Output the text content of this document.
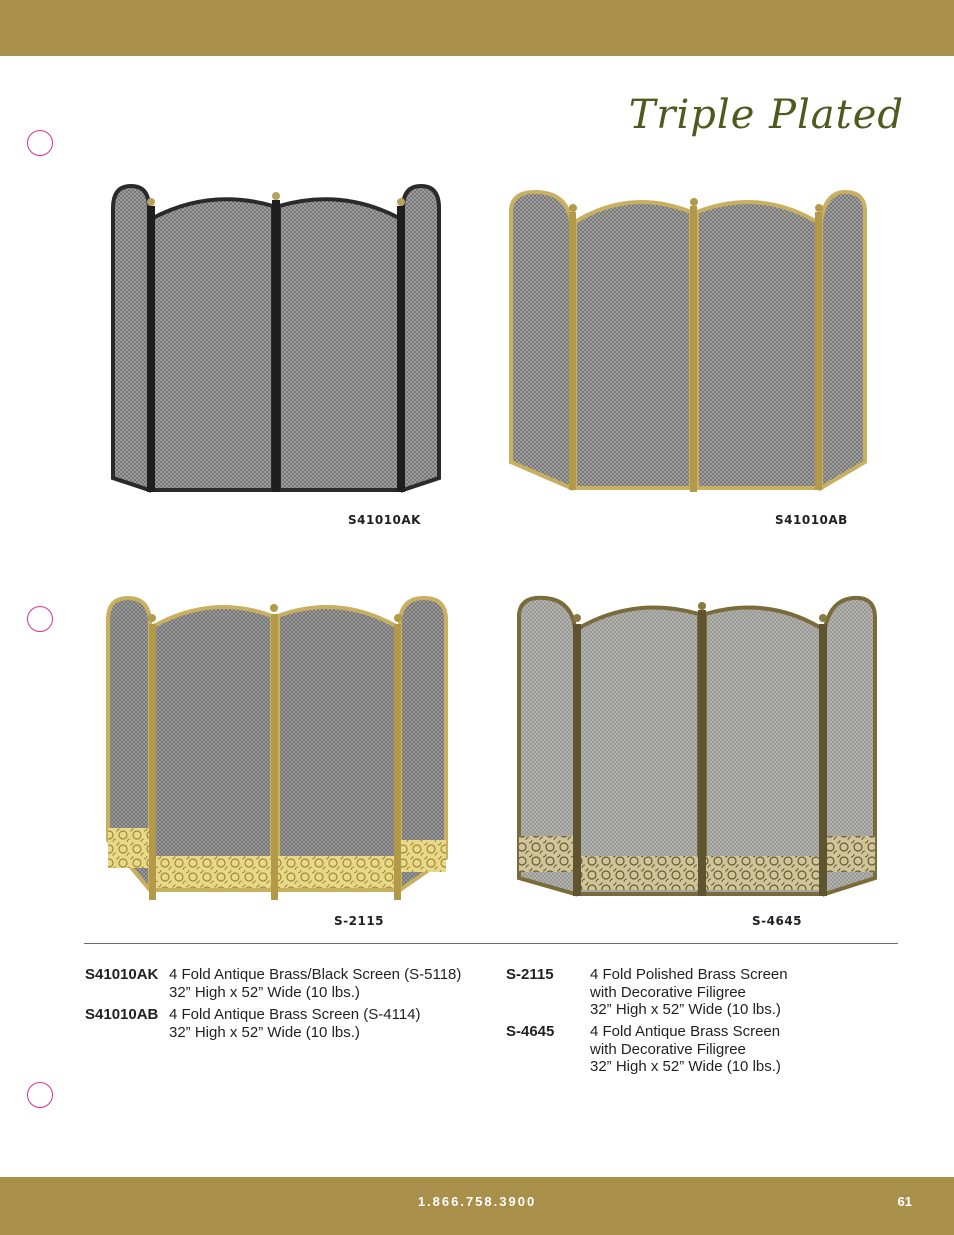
Triple Plated
S41010AK	S41010AB
S-2115	S-4645
S41010AK 4 Fold Antique Brass/Black Screen (S-5118)
32” High x 52” Wide (10 lbs.)
S41010AB 4 Fold Antique Brass Screen (S-4114)
32” High x 52” Wide (10 lbs.)
S-2115 4 Fold Polished Brass Screen
with Decorative Filigree
32” High x 52” Wide (10 lbs.)
S-4645 4 Fold Antique Brass Screen
with Decorative Filigree
32” High x 52” Wide (10 lbs.)
1.866.758.3900	61
